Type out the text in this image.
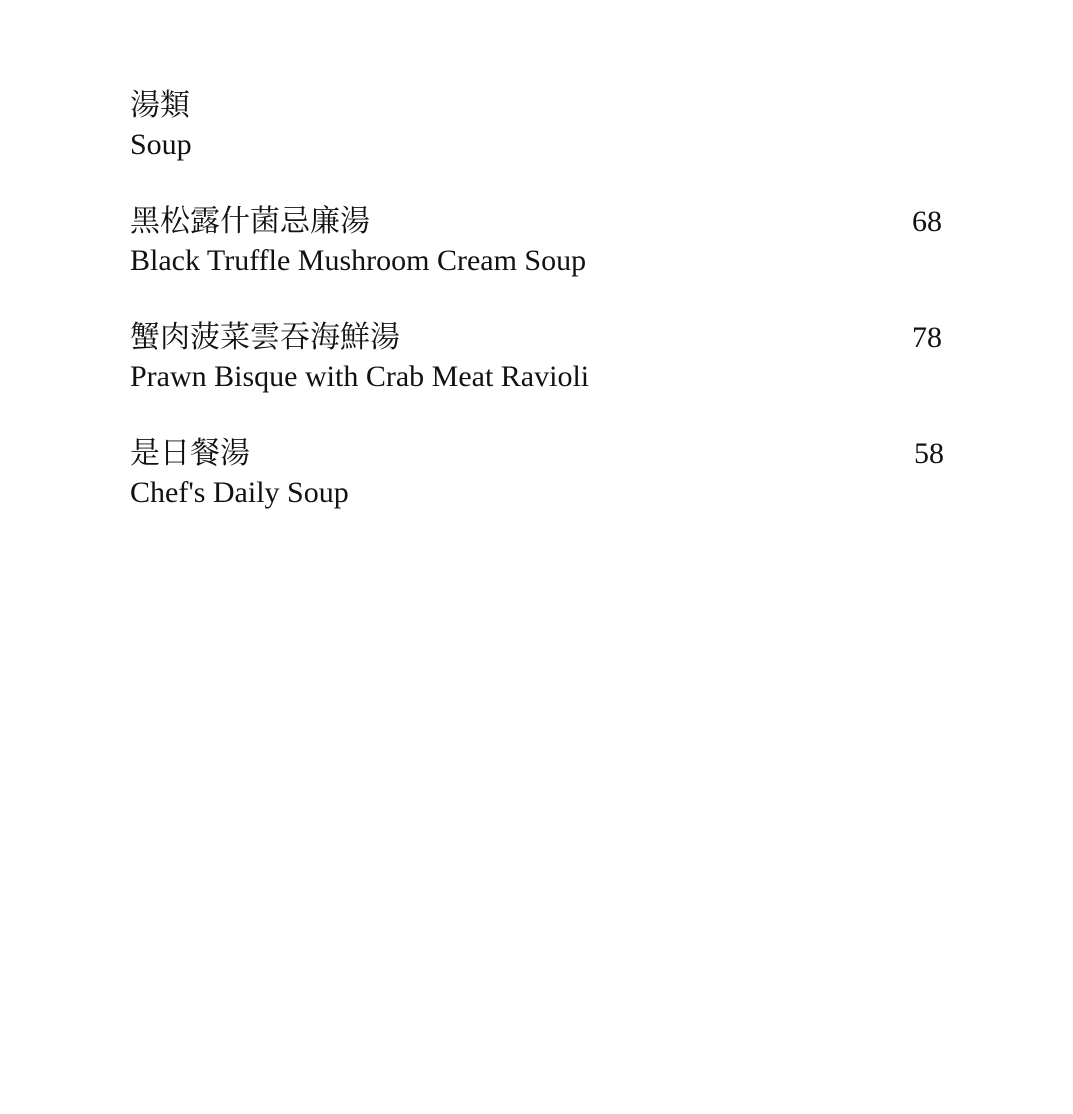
湯類
Soup
黑松露什菌忌廉湯
Black Truffle Mushroom Cream Soup
68
蟹肉菠菜雲吞海鮮湯
Prawn Bisque with Crab Meat Ravioli
78
是日餐湯
Chef's Daily Soup
58
